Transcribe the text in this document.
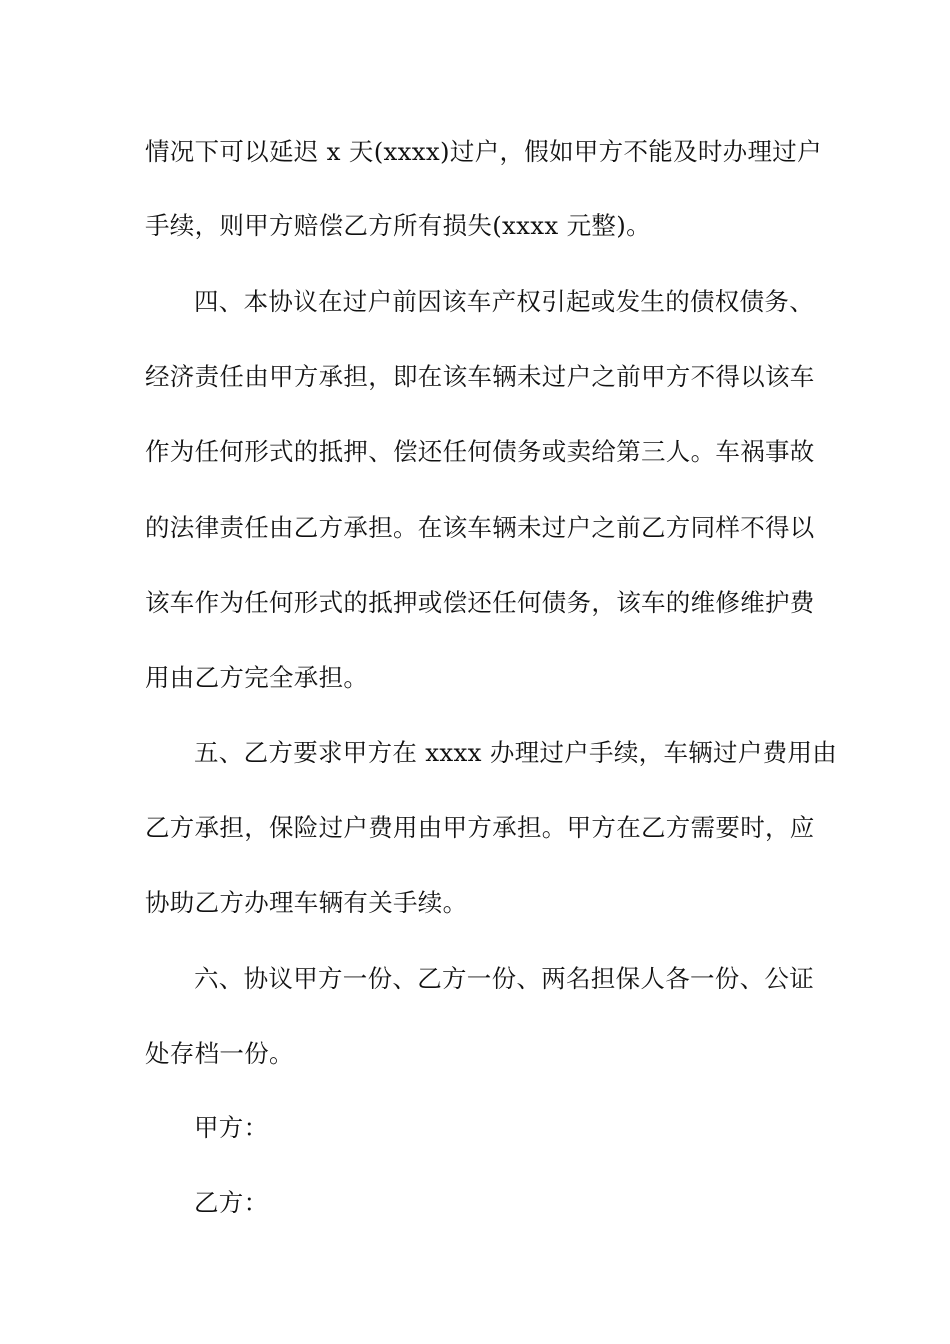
情况下可以延迟 x 天(xxxx)过户，假如甲方不能及时办理过户
手续，则甲方赔偿乙方所有损失(xxxx 元整)。
四、本协议在过户前因该车产权引起或发生的债权债务、
经济责任由甲方承担，即在该车辆未过户之前甲方不得以该车
作为任何形式的抵押、偿还任何债务或卖给第三人。车祸事故
的法律责任由乙方承担。在该车辆未过户之前乙方同样不得以
该车作为任何形式的抵押或偿还任何债务，该车的维修维护费
用由乙方完全承担。
五、乙方要求甲方在 xxxx 办理过户手续，车辆过户费用由
乙方承担，保险过户费用由甲方承担。甲方在乙方需要时，应
协助乙方办理车辆有关手续。
六、协议甲方一份、乙方一份、两名担保人各一份、公证
处存档一份。
甲方：
乙方：
